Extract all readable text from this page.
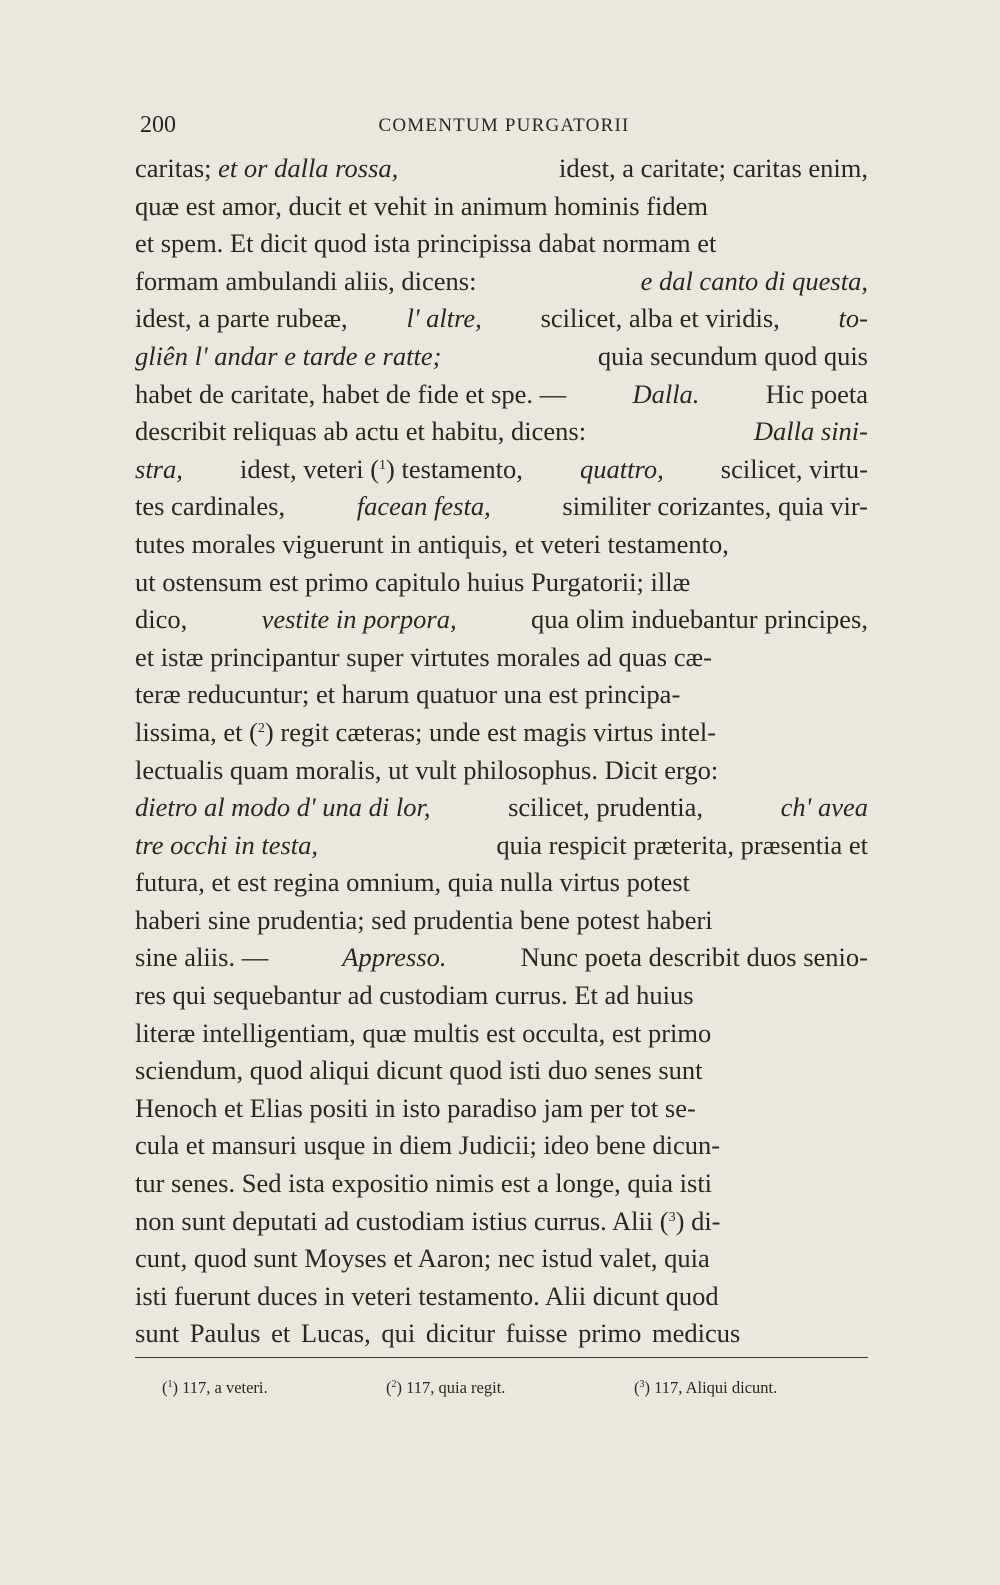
200	COMENTUM PURGATORII
caritas; et or dalla rossa,	idest, a caritate; caritas enim,
quæ est amor, ducit et vehit in animum hominis fidem
et spem. Et dicit quod ista principissa dabat normam et
formam ambulandi aliis, dicens:	e dal canto di questa,
idest, a parte rubeæ, l' altre, scilicet, alba et viridis, to-
gliên l' andar e tarde e ratte;	quia secundum quod quis
habet de caritate, habet de fide et spe. —	Dalla.	Hic poeta
describit reliquas ab actu et habitu, dicens:	Dalla sini-
stra, idest, veteri ($^1$) testamento, quattro, scilicet, virtu-
tes cardinales,	facean festa,	similiter corizantes, quia vir-
tutes morales viguerunt in antiquis, et veteri testamento,
ut ostensum est primo capitulo huius Purgatorii; illæ
dico,	vestite in porpora,	qua olim induebantur principes,
et istæ principantur super virtutes morales ad quas cæ-
teræ reducuntur; et harum quatuor una est principa-
lissima, et ($^2$) regit cæteras; unde est magis virtus intel-
lectualis quam moralis, ut vult philosophus. Dicit ergo:
dietro al modo d' una di lor,	scilicet, prudentia,	ch' avea
tre occhi in testa,	quia respicit præterita, præsentia et
futura, et est regina omnium, quia nulla virtus potest
haberi sine prudentia; sed prudentia bene potest haberi
sine aliis. —	Appresso.	Nunc poeta describit duos senio-
res qui sequebantur ad custodiam currus. Et ad huius
literæ intelligentiam, quæ multis est occulta, est primo
sciendum, quod aliqui dicunt quod isti duo senes sunt
Henoch et Elias positi in isto paradiso jam per tot se-
cula et mansuri usque in diem Judicii; ideo bene dicun-
tur senes. Sed ista expositio nimis est a longe, quia isti
non sunt deputati ad custodiam istius currus. Alii ($^3$) di-
cunt, quod sunt Moyses et Aaron; nec istud valet, quia
isti fuerunt duces in veteri testamento. Alii dicunt quod
sunt Paulus et Lucas, qui dicitur fuisse primo medicus
($^1$) 117, a veteri.	($^2$) 117, quia regit.	($^3$) 117, Aliqui dicunt.
